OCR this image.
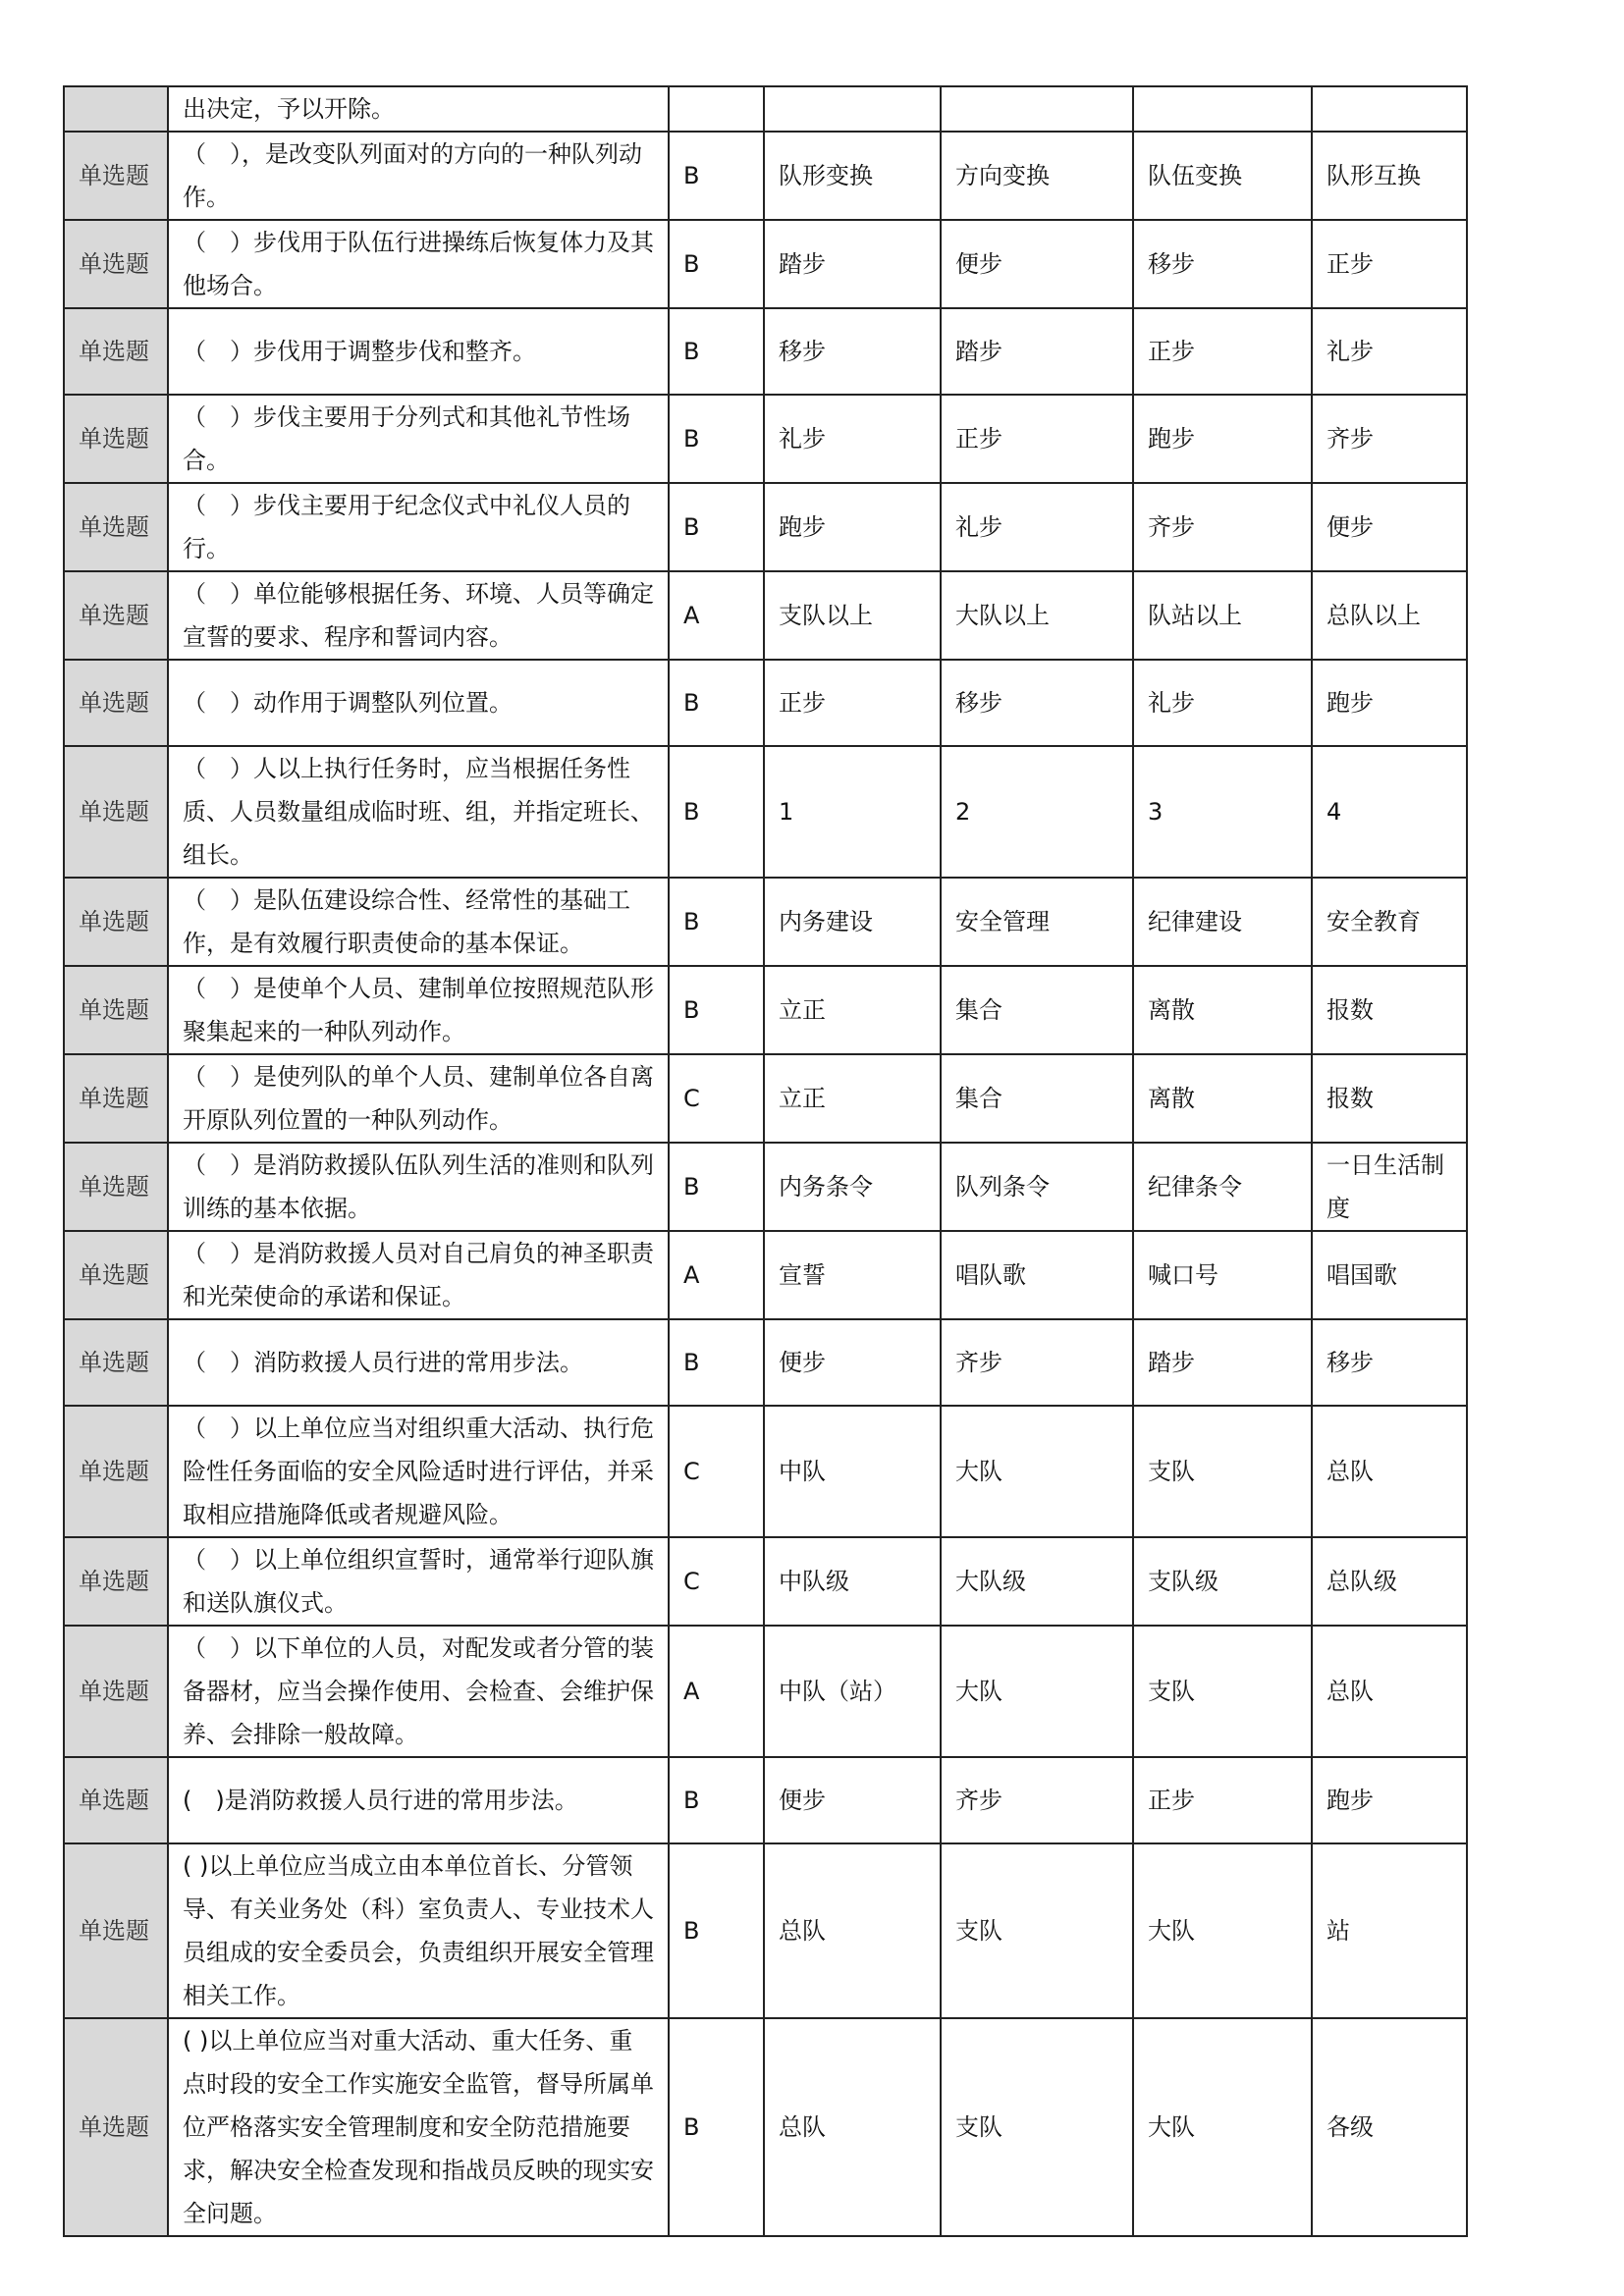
	出决定，予以开除。					
单选题	（　），是改变队列面对的方向的一种队列动作。	B	队形变换	方向变换	队伍变换	队形互换
单选题	（　）步伐用于队伍行进操练后恢复体力及其他场合。	B	踏步	便步	移步	正步
单选题	（　）步伐用于调整步伐和整齐。	B	移步	踏步	正步	礼步
单选题	（　）步伐主要用于分列式和其他礼节性场合。	B	礼步	正步	跑步	齐步
单选题	（　）步伐主要用于纪念仪式中礼仪人员的行。	B	跑步	礼步	齐步	便步
单选题	（　）单位能够根据任务、环境、人员等确定宣誓的要求、程序和誓词内容。	A	支队以上	大队以上	队站以上	总队以上
单选题	（　）动作用于调整队列位置。	B	正步	移步	礼步	跑步
单选题	（　）人以上执行任务时，应当根据任务性质、人员数量组成临时班、组，并指定班长、组长。	B	1	2	3	4
单选题	（　）是队伍建设综合性、经常性的基础工作，是有效履行职责使命的基本保证。	B	内务建设	安全管理	纪律建设	安全教育
单选题	（　）是使单个人员、建制单位按照规范队形聚集起来的一种队列动作。	B	立正	集合	离散	报数
单选题	（　）是使列队的单个人员、建制单位各自离开原队列位置的一种队列动作。	C	立正	集合	离散	报数
单选题	（　）是消防救援队伍队列生活的准则和队列训练的基本依据。	B	内务条令	队列条令	纪律条令	一日生活制度
单选题	（　）是消防救援人员对自己肩负的神圣职责和光荣使命的承诺和保证。	A	宣誓	唱队歌	喊口号	唱国歌
单选题	（　）消防救援人员行进的常用步法。	B	便步	齐步	踏步	移步
单选题	（　）以上单位应当对组织重大活动、执行危险性任务面临的安全风险适时进行评估，并采取相应措施降低或者规避风险。	C	中队	大队	支队	总队
单选题	（　）以上单位组织宣誓时，通常举行迎队旗和送队旗仪式。	C	中队级	大队级	支队级	总队级
单选题	（　）以下单位的人员，对配发或者分管的装备器材，应当会操作使用、会检查、会维护保养、会排除一般故障。	A	中队（站）	大队	支队	总队
单选题	(　)是消防救援人员行进的常用步法。	B	便步	齐步	正步	跑步
单选题	( )以上单位应当成立由本单位首长、分管领导、有关业务处（科）室负责人、专业技术人员组成的安全委员会，负责组织开展安全管理相关工作。	B	总队	支队	大队	站
单选题	( )以上单位应当对重大活动、重大任务、重点时段的安全工作实施安全监管，督导所属单位严格落实安全管理制度和安全防范措施要求，解决安全检查发现和指战员反映的现实安全问题。	B	总队	支队	大队	各级
